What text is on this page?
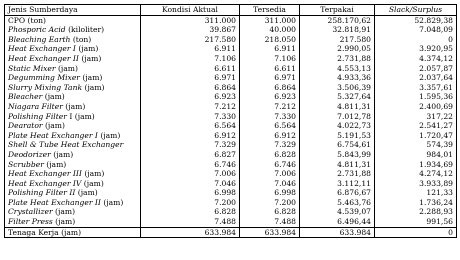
Jenis Sumberdaya	Kondisi Aktual	Tersedia	Terpakai	Slack/Surplus
CPO (ton)	311.000	311.000	258.170,62	52.829,38
Phosporic Acid (kiloliter)	39.867	40.000	32.818,91	7.048,09
Bleaching Earth (ton)	217.580	218.050	217.580	0
Heat Exchanger I (jam)	6.911	6.911	2.990,05	3.920,95
Heat Exchanger II (jam)	7.106	7.106	2.731,88	4.374,12
Static Mixer (jam)	6.611	6.611	4.553,13	2.057,87
Degumming Mixer (jam)	6.971	6.971	4.933,36	2.037,64
Slurry Mixing Tank (jam)	6.864	6.864	3.506,39	3.357,61
Bleacher (jam)	6.923	6.923	5.327,64	1.595,36
Niagara Filter (jam)	7.212	7.212	4.811,31	2.400,69
Polishing Filter I (jam)	7.330	7.330	7.012,78	317,22
Dearator (jam)	6.564	6.564	4.022,73	2.541,27
Plate Heat Exchanger I (jam)	6.912	6.912	5.191,53	1.720,47
Shell & Tube Heat Exchanger	7.329	7.329	6.754,61	574,39
Deodorizer (jam)	6.827	6.828	5.843,99	984,01
Scrubber (jam)	6.746	6.746	4.811,31	1.934,69
Heat Exchanger III (jam)	7.006	7.006	2.731,88	4.274,12
Heat Exchanger IV (jam)	7.046	7.046	3.112,11	3.933,89
Polishing Filter II (jam)	6.998	6.998	6.876,67	121,33
Plate Heat Exchanger II (jam)	7.200	7.200	5.463,76	1.736,24
Crystallizer (jam)	6.828	6.828	4.539,07	2.288,93
Filter Press (jam)	7.488	7.488	6.496,44	991,56
Tenaga Kerja (jam)	633.984	633.984	633.984	0
